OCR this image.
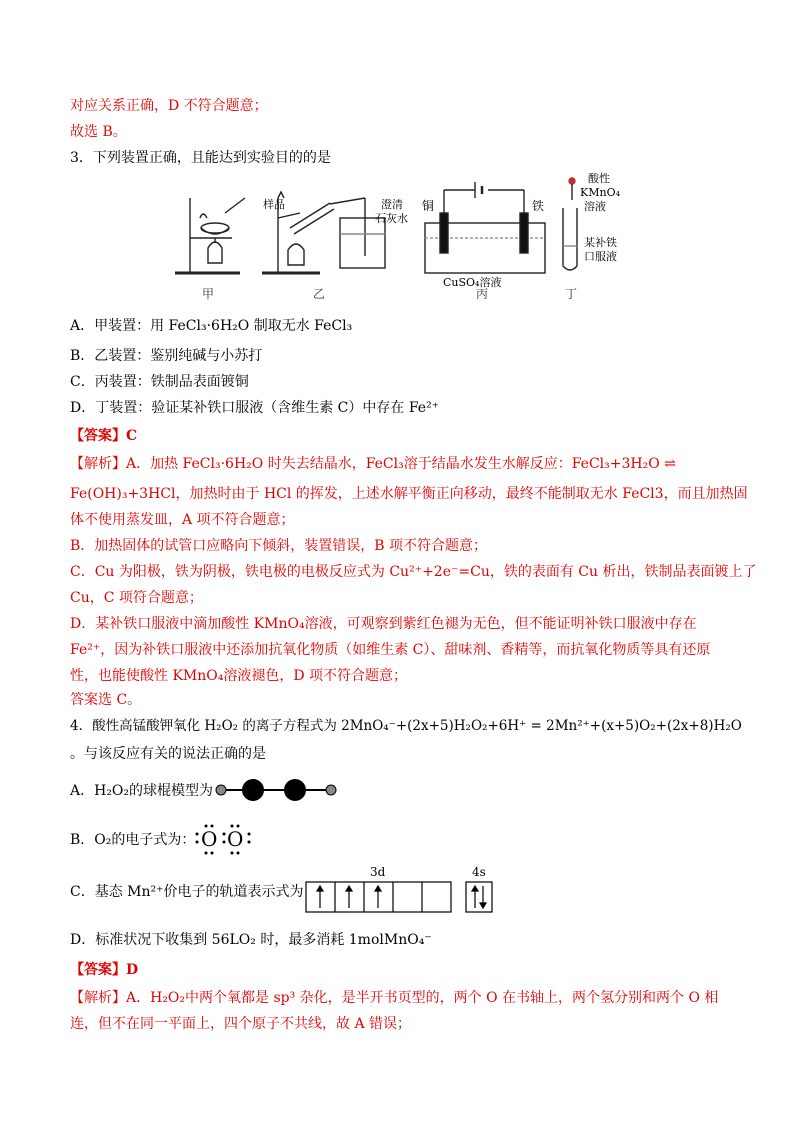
对应关系正确，D 不符合题意；
故选 B。
3．下列装置正确，且能达到实验目的的是
样品	澄清
石灰水
铜	铁
CuSO₄溶液
酸性
KMnO₄
溶液
某补铁
口服液
甲	乙	丙	丁
A．甲装置：用 FeCl₃·6H₂O 制取无水 FeCl₃
B．乙装置：鉴别纯碱与小苏打
C．丙装置：铁制品表面镀铜
D．丁装置：验证某补铁口服液（含维生素 C）中存在 Fe²⁺
【答案】C
【解析】A．加热 FeCl₃·6H₂O 时失去结晶水，FeCl₃溶于结晶水发生水解反应：FeCl₃+3H₂O ⇌
Fe(OH)₃+3HCl，加热时由于 HCl 的挥发，上述水解平衡正向移动，最终不能制取无水 FeCl3，而且加热固
体不使用蒸发皿，A 项不符合题意；
B．加热固体的试管口应略向下倾斜，装置错误，B 项不符合题意；
C．Cu 为阳极，铁为阴极，铁电极的电极反应式为 Cu²⁺+2e⁻=Cu，铁的表面有 Cu 析出，铁制品表面镀上了
Cu，C 项符合题意；
D．某补铁口服液中滴加酸性 KMnO₄溶液，可观察到紫红色褪为无色，但不能证明补铁口服液中存在
Fe²⁺，因为补铁口服液中还添加抗氧化物质（如维生素 C）、甜味剂、香精等，而抗氧化物质等具有还原
性，也能使酸性 KMnO₄溶液褪色，D 项不符合题意；
答案选 C。
4．酸性高锰酸钾氧化 H₂O₂ 的离子方程式为 2MnO₄⁻+(2x+5)H₂O₂+6H⁺ = 2Mn²⁺+(x+5)O₂+(2x+8)H₂O
。与该反应有关的说法正确的是
A．H₂O₂的球棍模型为
B．O₂的电子式为： O O
C．基态 Mn²⁺价电子的轨道表示式为
3d	4s
D．标准状况下收集到 56LO₂ 时，最多消耗 1molMnO₄⁻
【答案】D
【解析】A．H₂O₂中两个氧都是 sp³ 杂化，是半开书页型的，两个 O 在书轴上，两个氢分别和两个 O 相
连，但不在同一平面上，四个原子不共线，故 A 错误；
